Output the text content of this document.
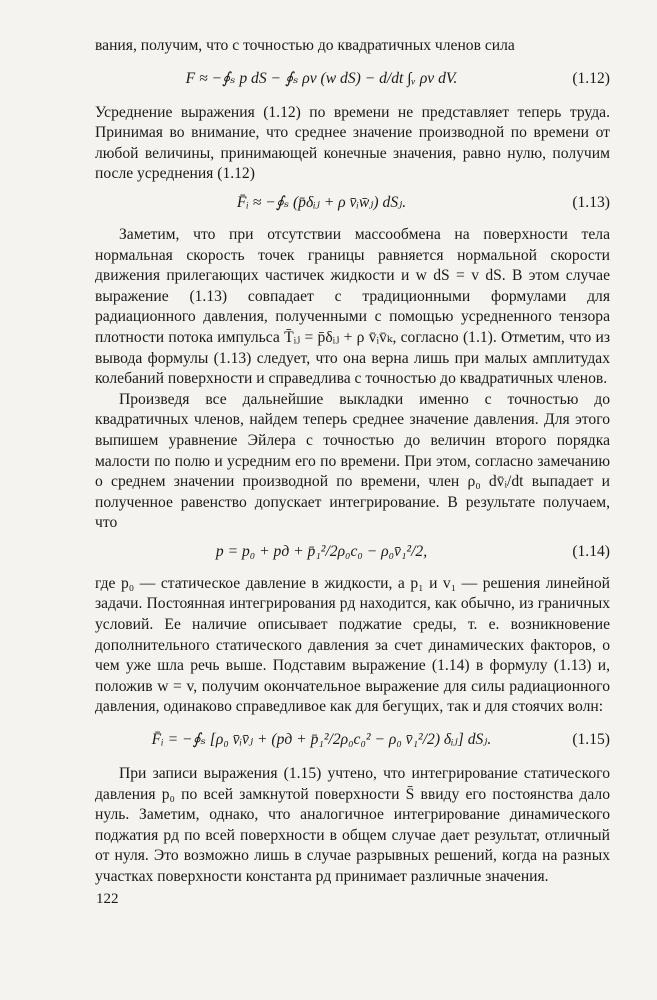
вания, получим, что с точностью до квадратичных членов сила

F ≈ −∮ₛ p dS − ∮ₛ ρv (w dS) − d/dt ∫ᵥ ρv dV.	(1.12)

Усреднение выражения (1.12) по времени не представляет теперь труда. Принимая во внимание, что среднее значение производной по времени от любой величины, принимающей конечные значения, равно нулю, получим после усреднения (1.12)

F̄ᵢ ≈ −∮ₛ (p̄δᵢⱼ + ρ v̄ᵢw̄ⱼ) dSⱼ.	(1.13)

Заметим, что при отсутствии массообмена на поверхности тела нормальная скорость точек границы равняется нормальной скорости движения прилегающих частичек жидкости и w dS = v dS. В этом случае выражение (1.13) совпадает с традиционными формулами для радиационного давления, полученными с помощью усредненного тензора плотности потока импульса T̄ᵢⱼ = p̄δᵢⱼ + ρ v̄ᵢv̄ₖ, согласно (1.1). Отметим, что из вывода формулы (1.13) следует, что она верна лишь при малых амплитудах колебаний поверхности и справедлива с точностью до квадратичных членов.

Произведя все дальнейшие выкладки именно с точностью до квадратичных членов, найдем теперь среднее значение давления. Для этого выпишем уравнение Эйлера с точностью до величин второго порядка малости по полю и усредним его по времени. При этом, согласно замечанию о среднем значении производной по времени, член ρ₀ dv̄ᵢ/dt выпадает и полученное равенство допускает интегрирование. В результате получаем, что

p = p₀ + pд + p̄₁²/2ρ₀c₀ − ρ₀v̄₁²/2,	(1.14)

где p₀ — статическое давление в жидкости, а p₁ и v₁ — решения линейной задачи. Постоянная интегрирования pд находится, как обычно, из граничных условий. Ее наличие описывает поджатие среды, т. е. возникновение дополнительного статического давления за счет динамических факторов, о чем уже шла речь выше. Подставим выражение (1.14) в формулу (1.13) и, положив w = v, получим окончательное выражение для силы радиационного давления, одинаково справедливое как для бегущих, так и для стоячих волн:

F̄ᵢ = −∮ₛ [ρ₀ v̄ᵢv̄ⱼ + (pд + p̄₁²/2ρ₀c₀² − ρ₀ v̄₁²/2) δᵢⱼ] dSⱼ.	(1.15)

При записи выражения (1.15) учтено, что интегрирование статического давления p₀ по всей замкнутой поверхности S̄ ввиду его постоянства дало нуль. Заметим, однако, что аналогичное интегрирование динамического поджатия pд по всей поверхности в общем случае дает результат, отличный от нуля. Это возможно лишь в случае разрывных решений, когда на разных участках поверхности константа pд принимает различные значения.

122
